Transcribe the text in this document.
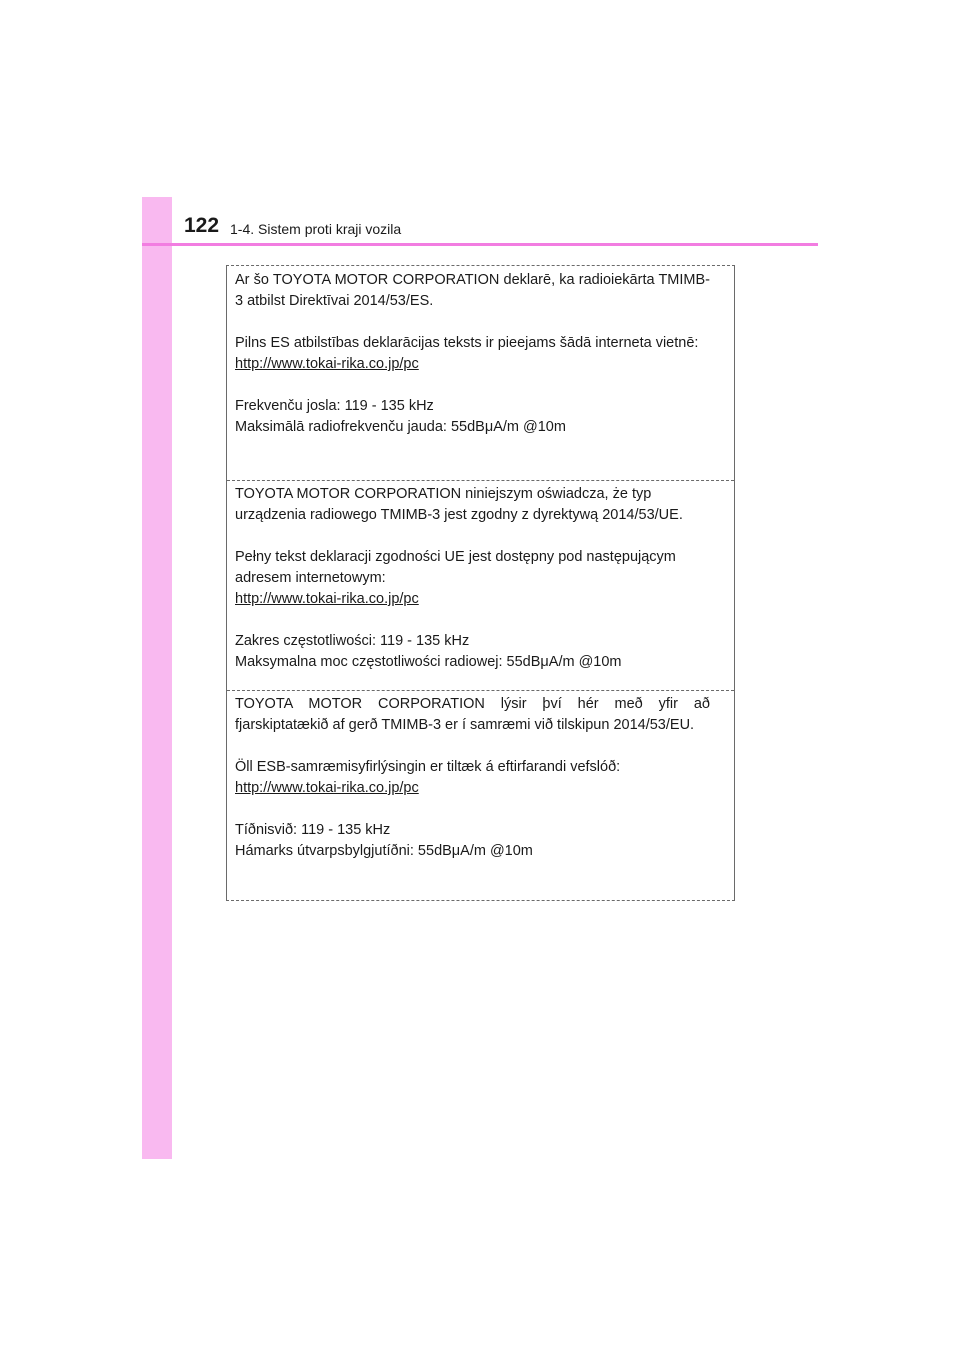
122 1-4. Sistem proti kraji vozila

Ar šo TOYOTA MOTOR CORPORATION deklarē, ka radioiekārta TMIMB-3 atbilst Direktīvai 2014/53/ES.

Pilns ES atbilstības deklarācijas teksts ir pieejams šādā interneta vietnē:

http://www.tokai-rika.co.jp/pc

Frekvenču josla: 119 - 135 kHz

Maksimālā radiofrekvenču jauda: 55dBμA/m @10m

TOYOTA MOTOR CORPORATION niniejszym oświadcza, że typ urządzenia radiowego TMIMB-3 jest zgodny z dyrektywą 2014/53/UE.

Pełny tekst deklaracji zgodności UE jest dostępny pod następującym adresem internetowym:

http://www.tokai-rika.co.jp/pc

Zakres częstotliwości: 119 - 135 kHz

Maksymalna moc częstotliwości radiowej: 55dBμA/m @10m

TOYOTA MOTOR CORPORATION lýsir því hér með yfir að fjarskiptatækið af gerð TMIMB-3 er í samræmi við tilskipun 2014/53/EU.

Öll ESB-samræmisyfirlýsingin er tiltæk á eftirfarandi vefslóð:

http://www.tokai-rika.co.jp/pc

Tíðnisvið: 119 - 135 kHz

Hámarks útvarpsbylgjutíðni: 55dBμA/m @10m
